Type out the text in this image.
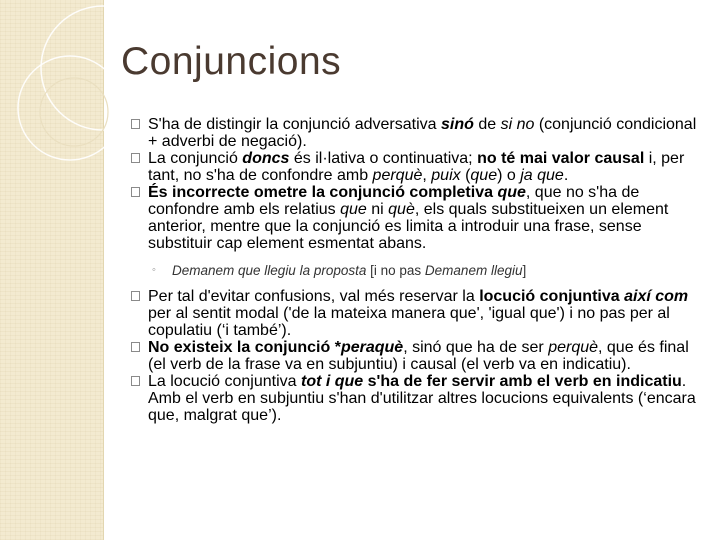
Conjuncions
S'ha de distingir la conjunció adversativa sinó de si no (conjunció condicional + adverbi de negació).
La conjunció doncs és il·lativa o continuativa; no té mai valor causal i, per tant, no s'ha de confondre amb perquè, puix (que) o ja que.
És incorrecte ometre la conjunció completiva que, que no s'ha de confondre amb els relatius que ni què, els quals substitueixen un element anterior, mentre que la conjunció es limita a introduir una frase, sense substituir cap element esmentat abans.
◦ Demanem que llegiu la proposta [i no pas Demanem llegiu]
Per tal d'evitar confusions, val més reservar la locució conjuntiva així com per al sentit modal ('de la mateixa manera que', 'igual que') i no pas per al copulatiu (‘i també’).
No existeix la conjunció *peraquè, sinó que ha de ser perquè, que és final (el verb de la frase va en subjuntiu) i causal (el verb va en indicatiu).
La locució conjuntiva tot i que s'ha de fer servir amb el verb en indicatiu. Amb el verb en subjuntiu s'han d'utilitzar altres locucions equivalents (‘encara que, malgrat que’).
